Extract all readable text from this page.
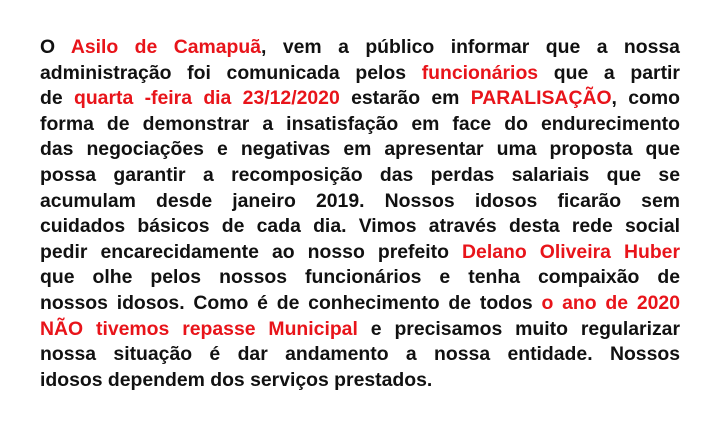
O Asilo de Camapuã, vem a público informar que a nossa
administração foi comunicada pelos funcionários que a partir
de quarta -feira dia 23/12/2020 estarão em PARALISAÇÃO, como
forma de demonstrar a insatisfação em face do endurecimento
das negociações e negativas em apresentar uma proposta que
possa garantir a recomposição das perdas salariais que se
acumulam desde janeiro 2019. Nossos idosos ficarão sem
cuidados básicos de cada dia. Vimos através desta rede social
pedir encarecidamente ao nosso prefeito Delano Oliveira Huber
que olhe pelos nossos funcionários e tenha compaixão de
nossos idosos. Como é de conhecimento de todos o ano de 2020
NÃO tivemos repasse Municipal e precisamos muito regularizar
nossa situação é dar andamento a nossa entidade. Nossos
idosos dependem dos serviços prestados.
